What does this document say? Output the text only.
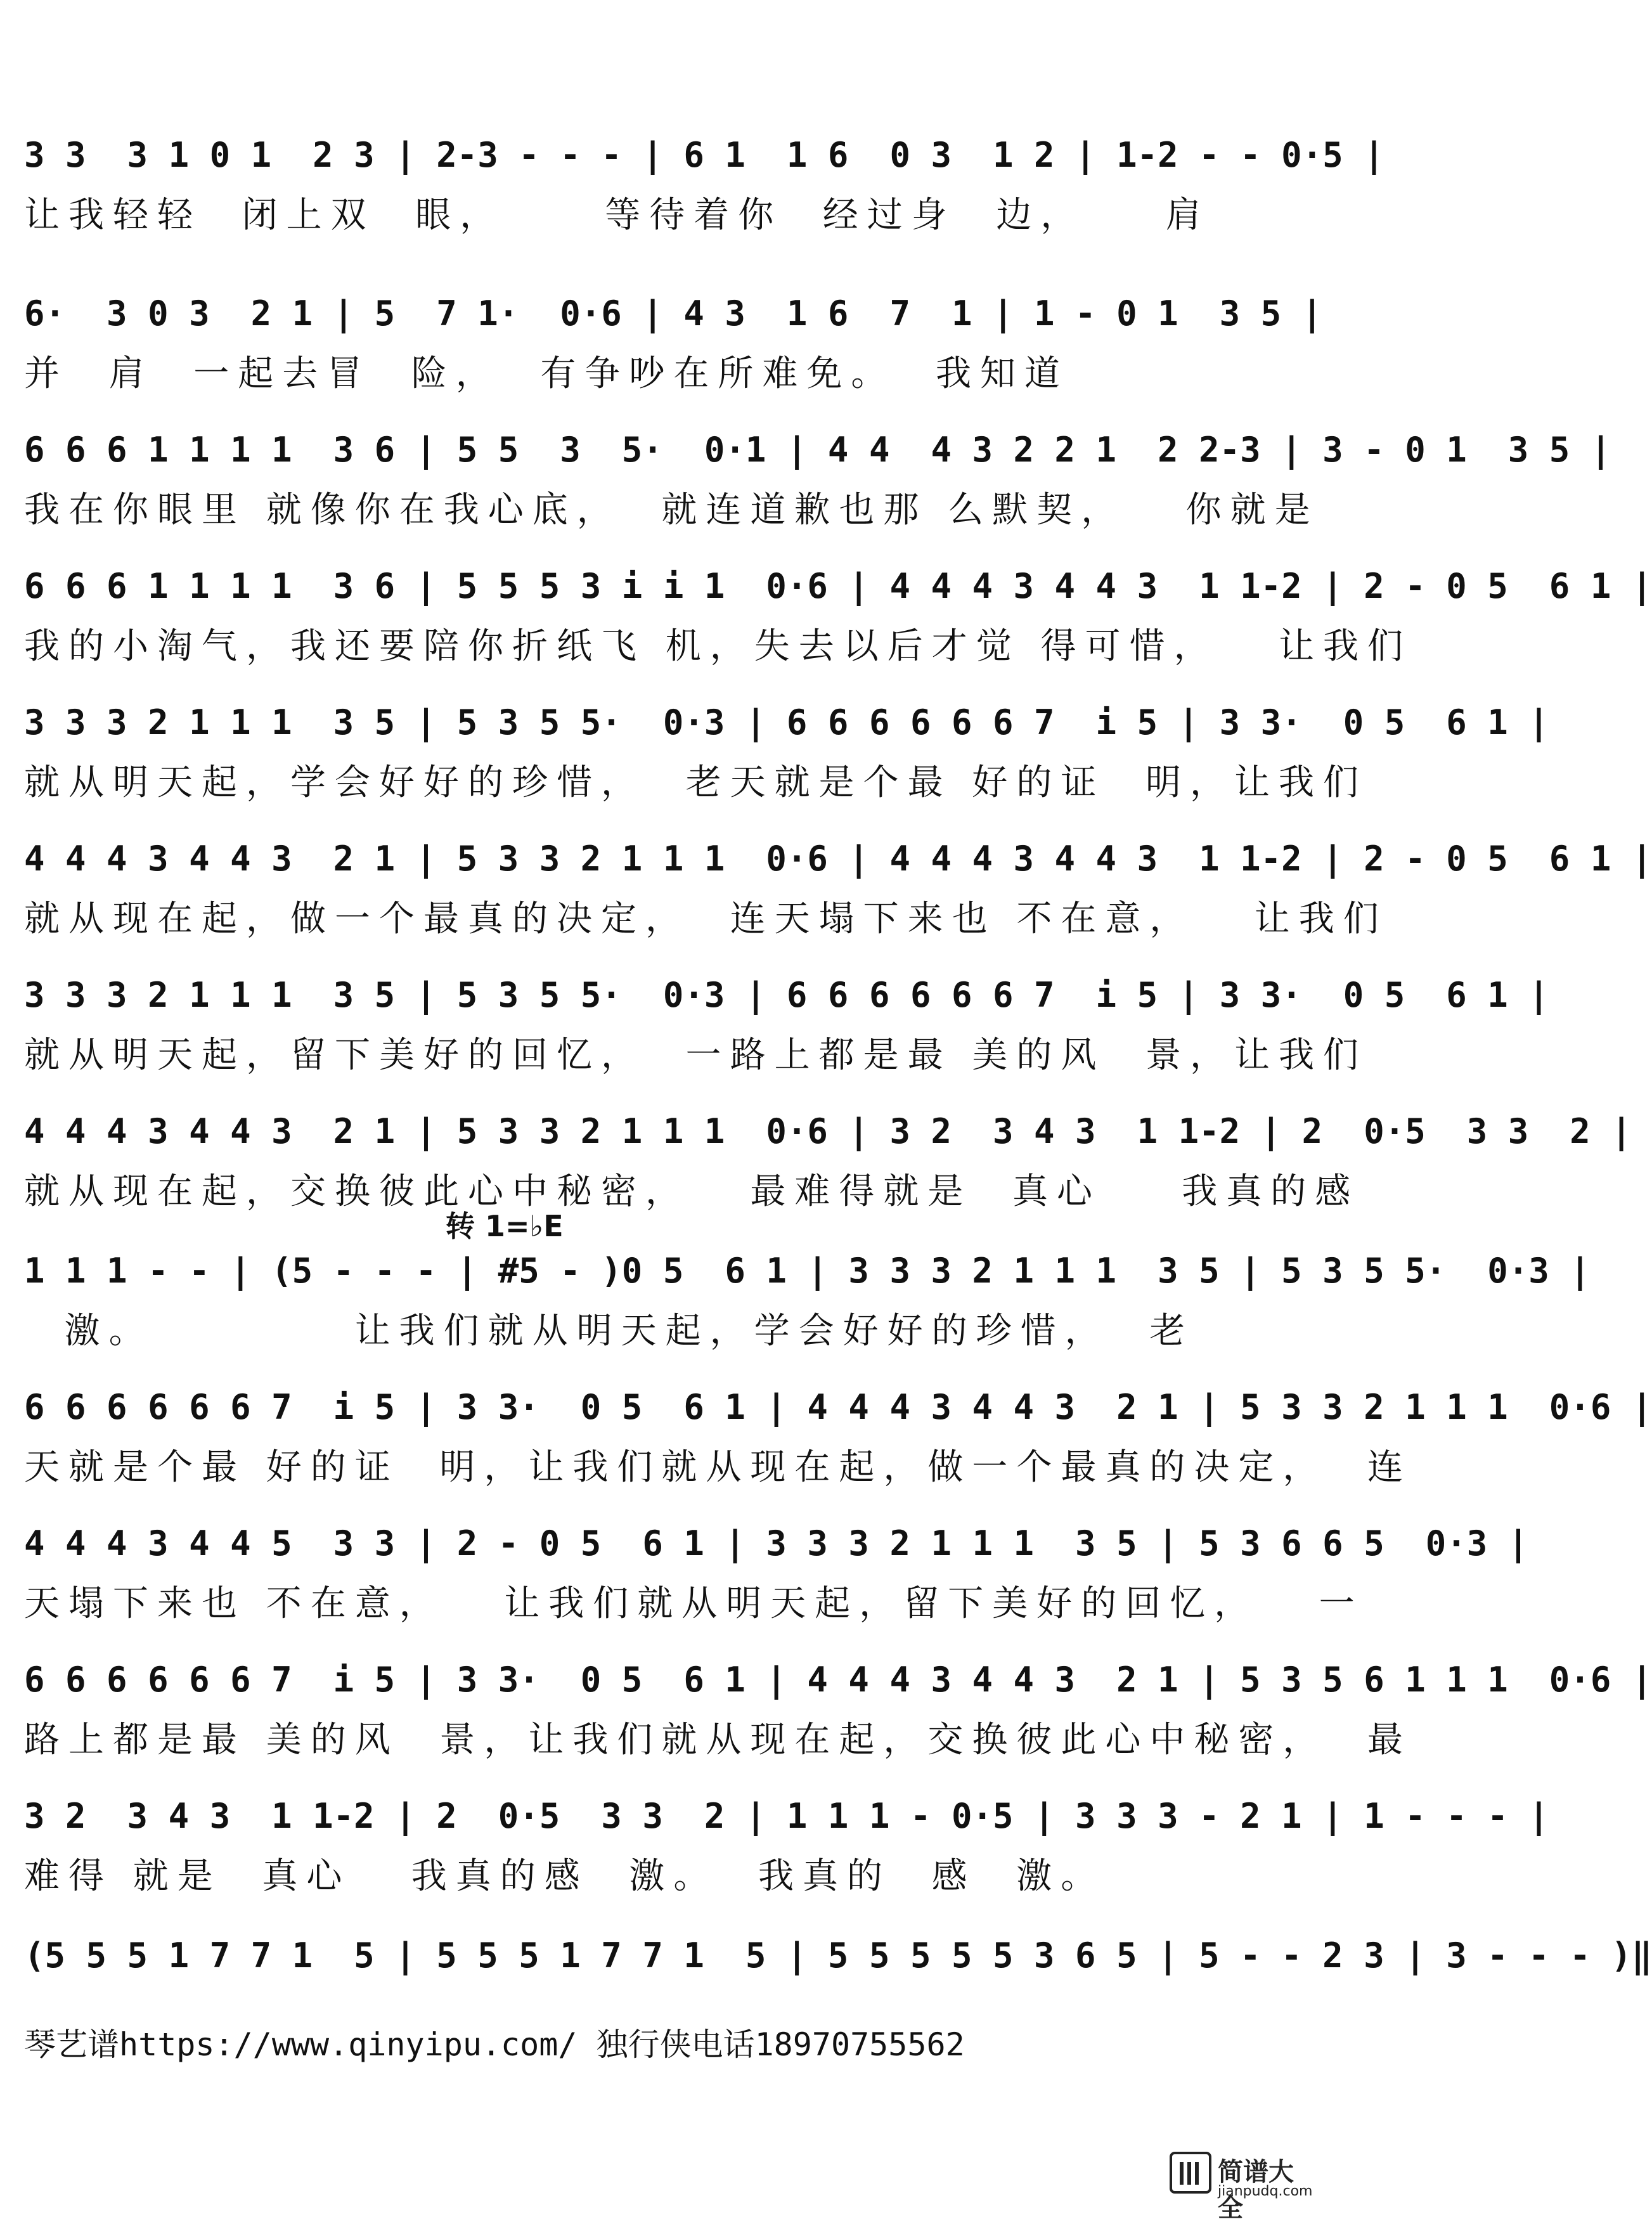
3 3  3 1 0 1  2 3 | 2-3 - - - | 6 1  1 6  0 3  1 2 | 1-2 - - 0·5 |
让我轻轻  闭上双  眼，     等待着你  经过身  边，    肩
6·  3 0 3  2 1 | 5  7 1·  0·6 | 4 3  1 6  7  1 | 1 - 0 1  3 5 |
并  肩  一起去冒  险，  有争吵在所难免。  我知道
6 6 6 1 1 1 1  3 6 | 5 5  3  5·  0·1 | 4 4  4 3 2 2 1  2 2-3 | 3 - 0 1  3 5 |
我在你眼里 就像你在我心底，  就连道歉也那 么默契，   你就是
6 6 6 1 1 1 1  3 6 | 5 5 5 3 i i 1  0·6 | 4 4 4 3 4 4 3  1 1-2 | 2 - 0 5  6 1 |
我的小淘气，我还要陪你折纸飞 机，失去以后才觉 得可惜，   让我们
3 3 3 2 1 1 1  3 5 | 5 3 5 5·  0·3 | 6 6 6 6 6 6 7  i 5 | 3 3·  0 5  6 1 |
就从明天起，学会好好的珍惜，  老天就是个最 好的证  明，让我们
4 4 4 3 4 4 3  2 1 | 5 3 3 2 1 1 1  0·6 | 4 4 4 3 4 4 3  1 1-2 | 2 - 0 5  6 1 |
就从现在起，做一个最真的决定，  连天塌下来也 不在意，   让我们
3 3 3 2 1 1 1  3 5 | 5 3 5 5·  0·3 | 6 6 6 6 6 6 7  i 5 | 3 3·  0 5  6 1 |
就从明天起，留下美好的回忆，  一路上都是最 美的风  景，让我们
4 4 4 3 4 4 3  2 1 | 5 3 3 2 1 1 1  0·6 | 3 2  3 4 3  1 1-2 | 2  0·5  3 3  2 |
就从现在起，交换彼此心中秘密，   最难得就是  真心    我真的感
转 1=♭E
1 1 1 - - | (5 - - - | #5 - )0 5  6 1 | 3 3 3 2 1 1 1  3 5 | 5 3 5 5·  0·3 |
激。          让我们就从明天起，学会好好的珍惜，  老
6 6 6 6 6 6 7  i 5 | 3 3·  0 5  6 1 | 4 4 4 3 4 4 3  2 1 | 5 3 3 2 1 1 1  0·6 |
天就是个最 好的证  明，让我们就从现在起，做一个最真的决定，  连
4 4 4 3 4 4 5  3 3 | 2 - 0 5  6 1 | 3 3 3 2 1 1 1  3 5 | 5 3 6 6 5  0·3 |
天塌下来也 不在意，   让我们就从明天起，留下美好的回忆，   一
6 6 6 6 6 6 7  i 5 | 3 3·  0 5  6 1 | 4 4 4 3 4 4 3  2 1 | 5 3 5 6 1 1 1  0·6 |
路上都是最 美的风  景，让我们就从现在起，交换彼此心中秘密，  最
3 2  3 4 3  1 1-2 | 2  0·5  3 3  2 | 1 1 1 - 0·5 | 3 3 3 - 2 1 | 1 - - - |
难得 就是  真心   我真的感  激。  我真的  感  激。
(5 5 5 1 7 7 1  5 | 5 5 5 1 7 7 1  5 | 5 5 5 5 5 3 6 5 | 5 - - 2 3 | 3 - - - )‖
琴艺谱https://www.qinyipu.com/ 独行侠电话18970755562
简谱大全
jianpudq.com
